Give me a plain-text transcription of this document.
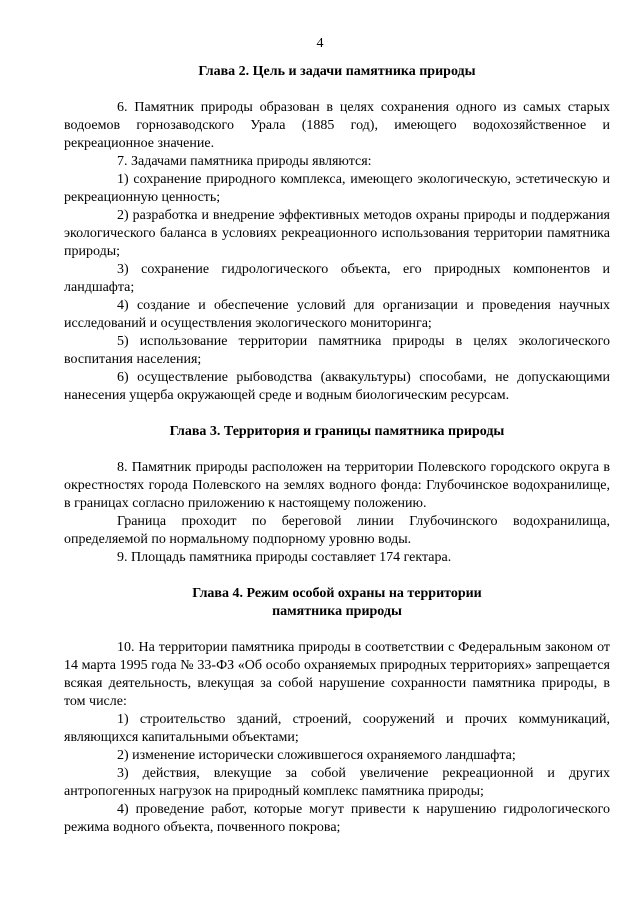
4
Глава 2. Цель и задачи памятника природы

6. Памятник природы образован в целях сохранения одного из самых старых водоемов горнозаводского Урала (1885 год), имеющего водохозяйственное и рекреационное значение.

7. Задачами памятника природы являются:

1) сохранение природного комплекса, имеющего экологическую, эстетическую и рекреационную ценность;

2) разработка и внедрение эффективных методов охраны природы и поддержания экологического баланса в условиях рекреационного использования территории памятника природы;

3) сохранение гидрологического объекта, его природных компонентов и ландшафта;

4) создание и обеспечение условий для организации и проведения научных исследований и осуществления экологического мониторинга;

5) использование территории памятника природы в целях экологического воспитания населения;

6) осуществление рыбоводства (аквакультуры) способами, не допускающими нанесения ущерба окружающей среде и водным биологическим ресурсам.

Глава 3. Территория и границы памятника природы

8. Памятник природы расположен на территории Полевского городского округа в окрестностях города Полевского на землях водного фонда: Глубочинское водохранилище, в границах согласно приложению к настоящему положению.

Граница проходит по береговой линии Глубочинского водохранилища, определяемой по нормальному подпорному уровню воды.

9. Площадь памятника природы составляет 174 гектара.

Глава 4. Режим особой охраны на территории
памятника природы

10. На территории памятника природы в соответствии с Федеральным законом от 14 марта 1995 года № 33-ФЗ «Об особо охраняемых природных территориях» запрещается всякая деятельность, влекущая за собой нарушение сохранности памятника природы, в том числе:

1) строительство зданий, строений, сооружений и прочих коммуникаций, являющихся капитальными объектами;

2) изменение исторически сложившегося охраняемого ландшафта;

3) действия, влекущие за собой увеличение рекреационной и других антропогенных нагрузок на природный комплекс памятника природы;

4) проведение работ, которые могут привести к нарушению гидрологического режима водного объекта, почвенного покрова;
